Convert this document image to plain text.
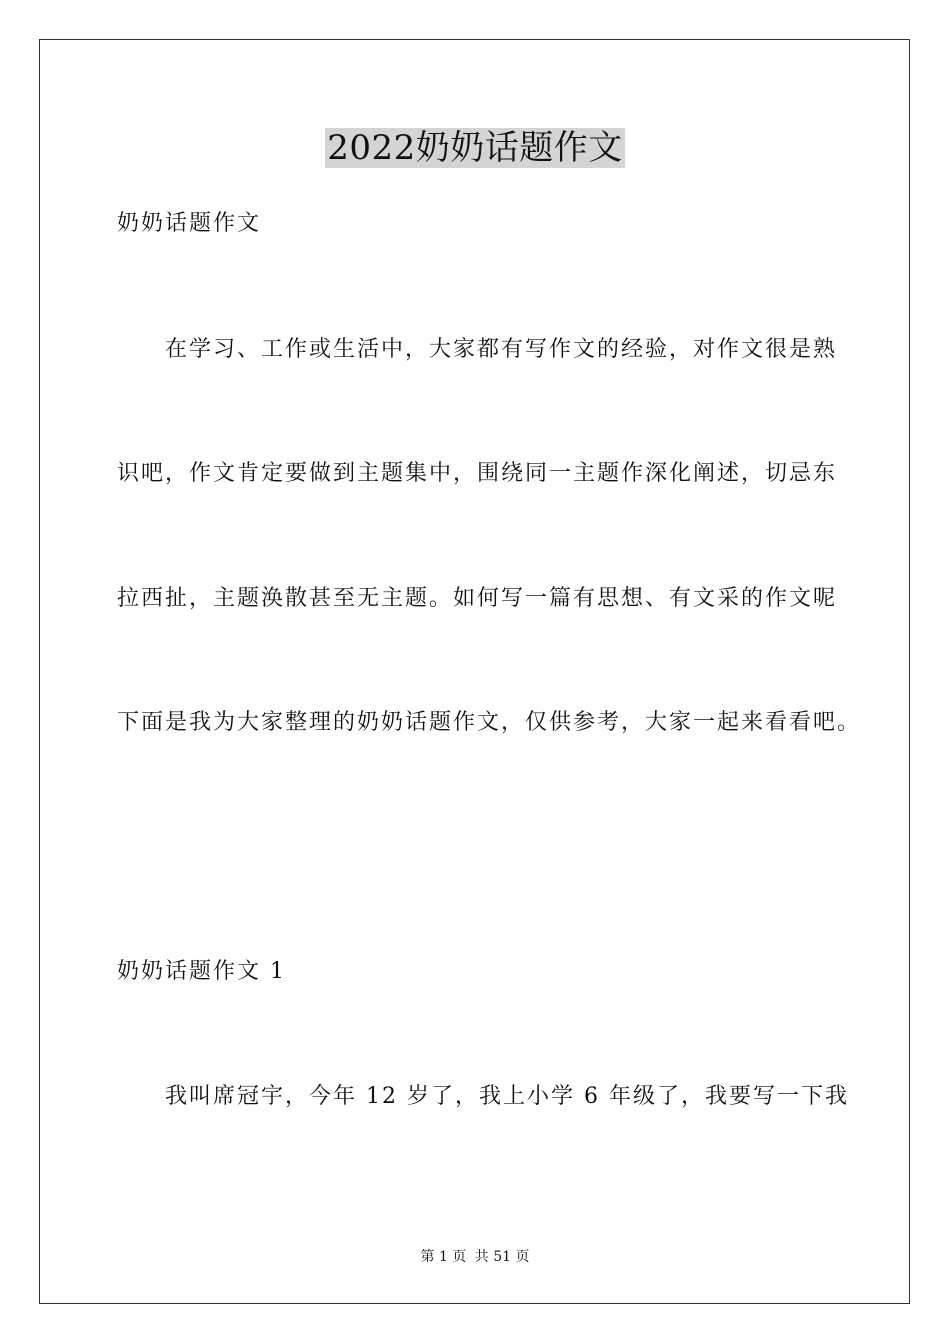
2022奶奶话题作文
奶奶话题作文
在学习、工作或生活中，大家都有写作文的经验，对作文很是熟
识吧，作文肯定要做到主题集中，围绕同一主题作深化阐述，切忌东
拉西扯，主题涣散甚至无主题。如何写一篇有思想、有文采的作文呢
下面是我为大家整理的奶奶话题作文，仅供参考，大家一起来看看吧。
奶奶话题作文 1
我叫席冠宇，今年 12 岁了，我上小学 6 年级了，我要写一下我
第 1 页 共 51 页
